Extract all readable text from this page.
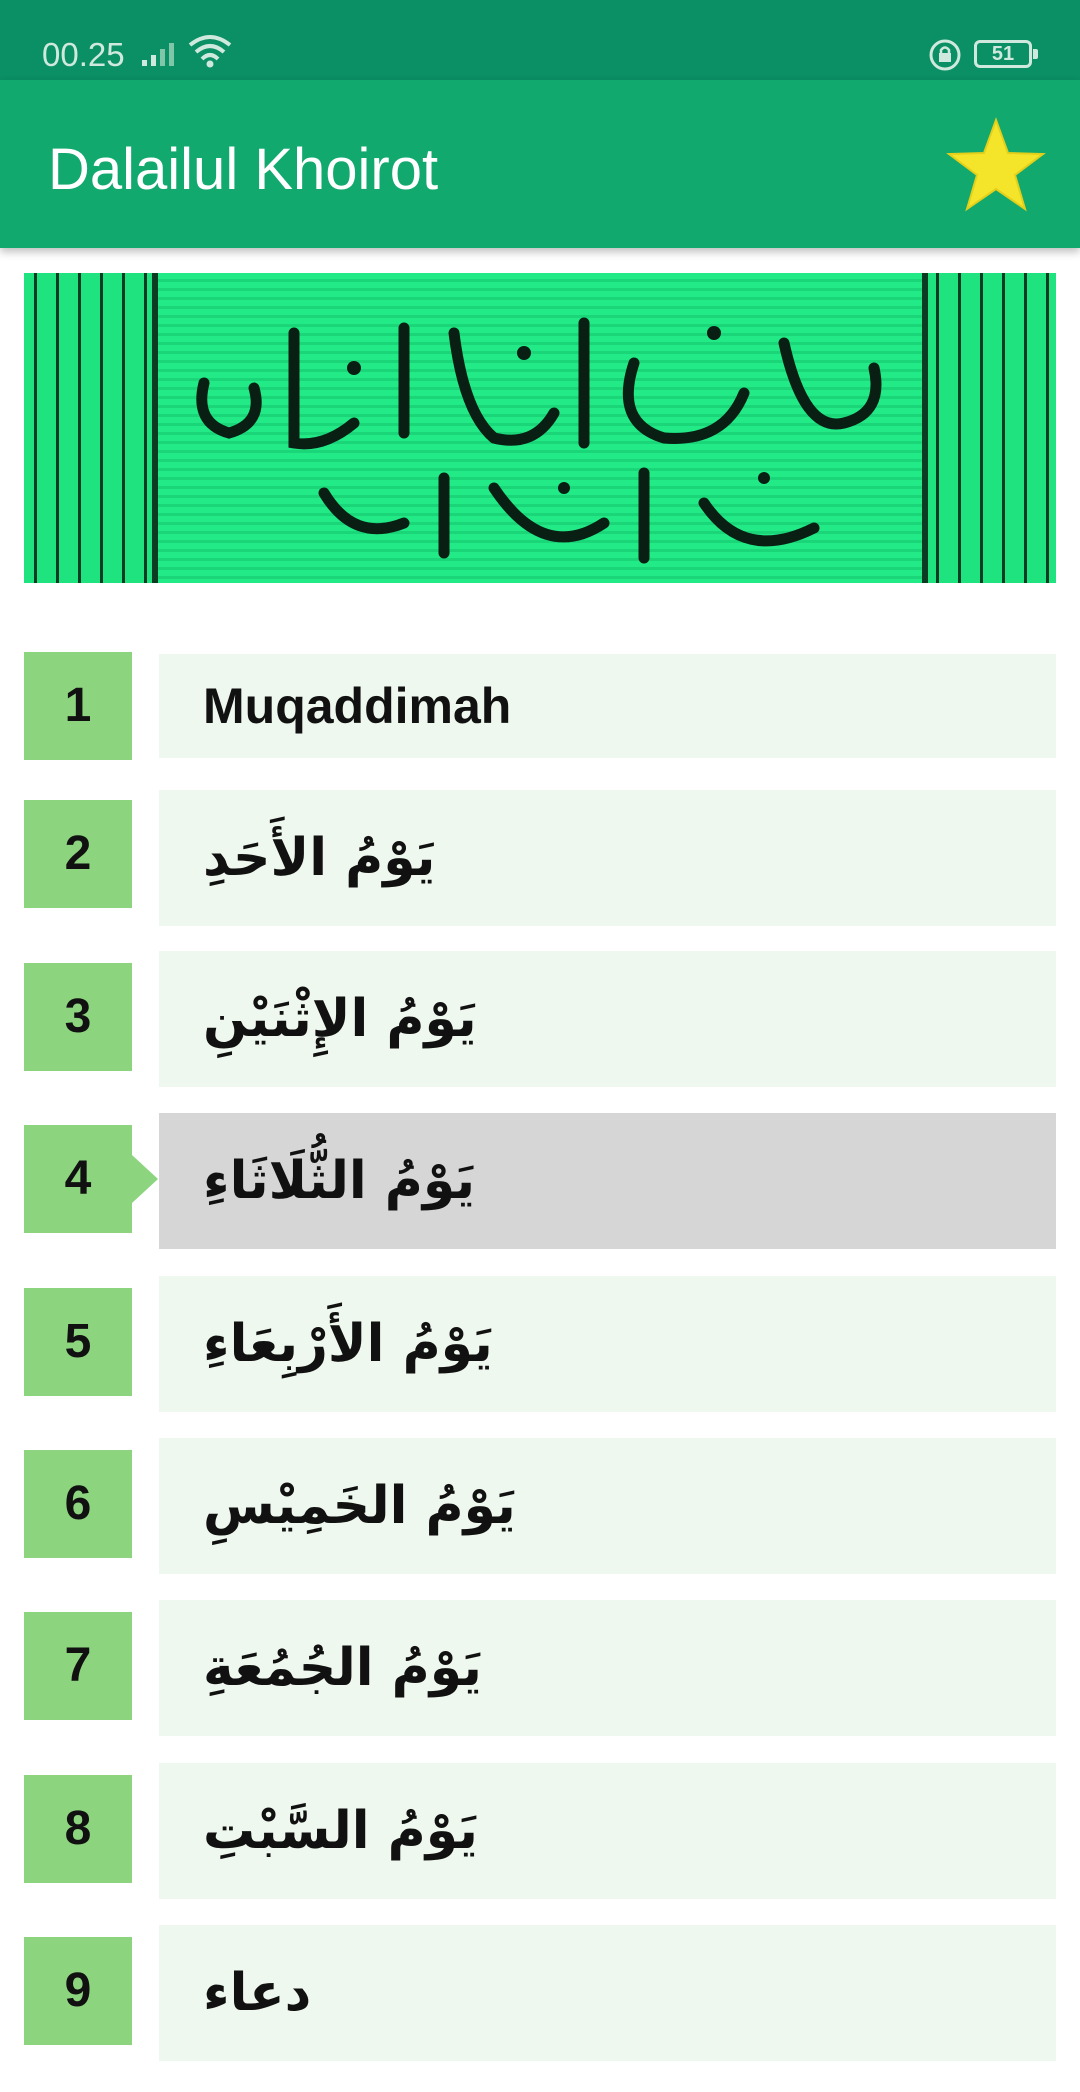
00.25	51
Dalailul Khoirot
1	Muqaddimah
2	يَوْمُ الأَحَدِ
3	يَوْمُ الإِثْنَيْنِ
4	يَوْمُ الثُّلَاثَاءِ
5	يَوْمُ الأَرْبِعَاءِ
6	يَوْمُ الخَمِيْسِ
7	يَوْمُ الجُمُعَةِ
8	يَوْمُ السَّبْتِ
9	دعاء
